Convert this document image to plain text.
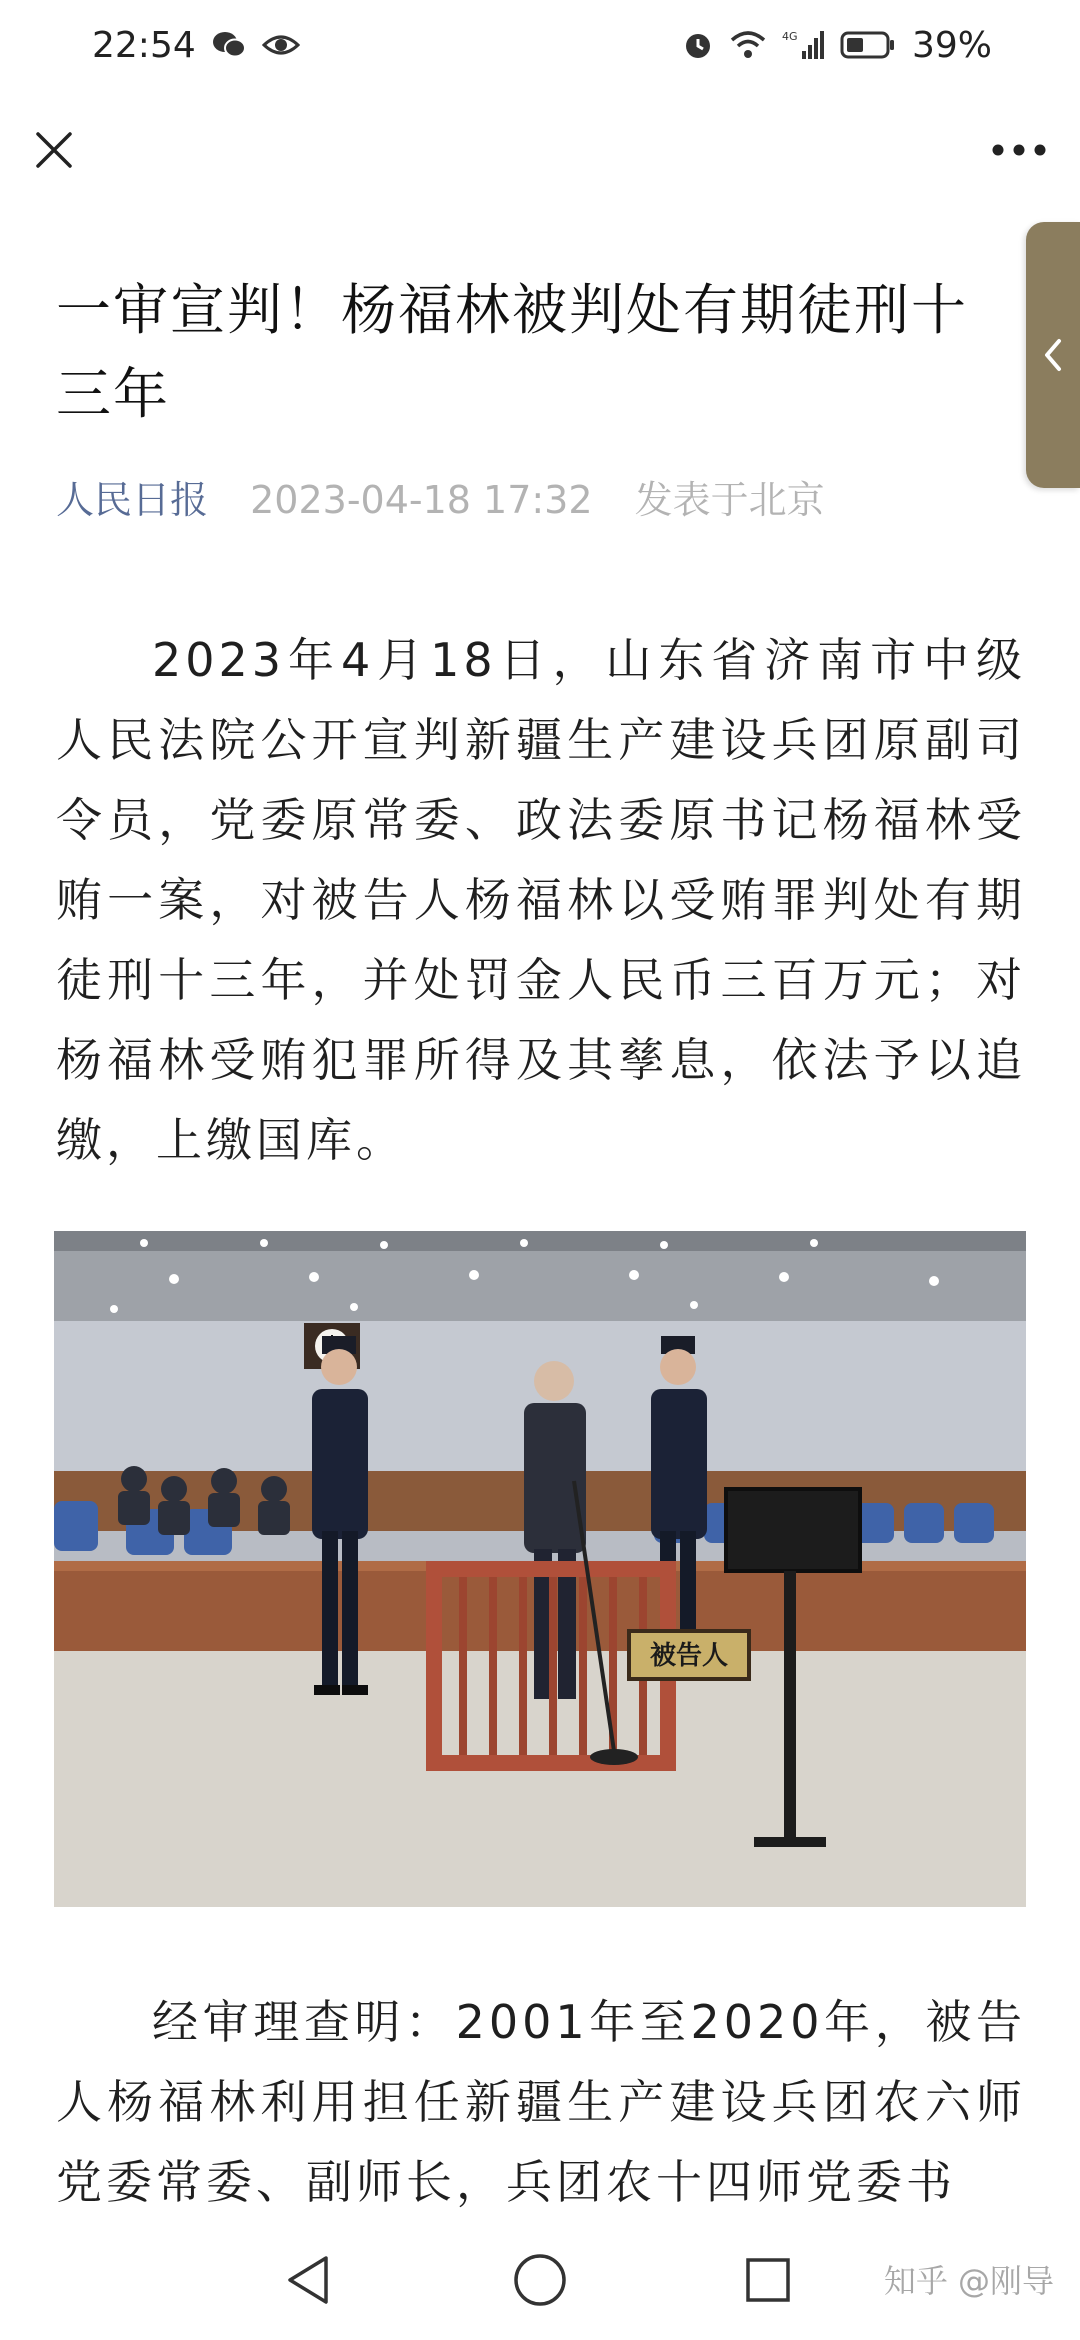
22:54	4G	39%
一审宣判！杨福林被判处有期徒刑十三年
人民日报 2023-04-18 17:32 发表于北京

2023年4月18日，山东省济南市中级人民法院公开宣判新疆生产建设兵团原副司令员，党委原常委、政法委原书记杨福林受贿一案，对被告人杨福林以受贿罪判处有期徒刑十三年，并处罚金人民币三百万元；对杨福林受贿犯罪所得及其孳息，依法予以追缴，上缴国库。

被告人

经审理查明：2001年至2020年，被告人杨福林利用担任新疆生产建设兵团农六师党委常委、副师长，兵团农十四师党委书

知乎 @刚导
